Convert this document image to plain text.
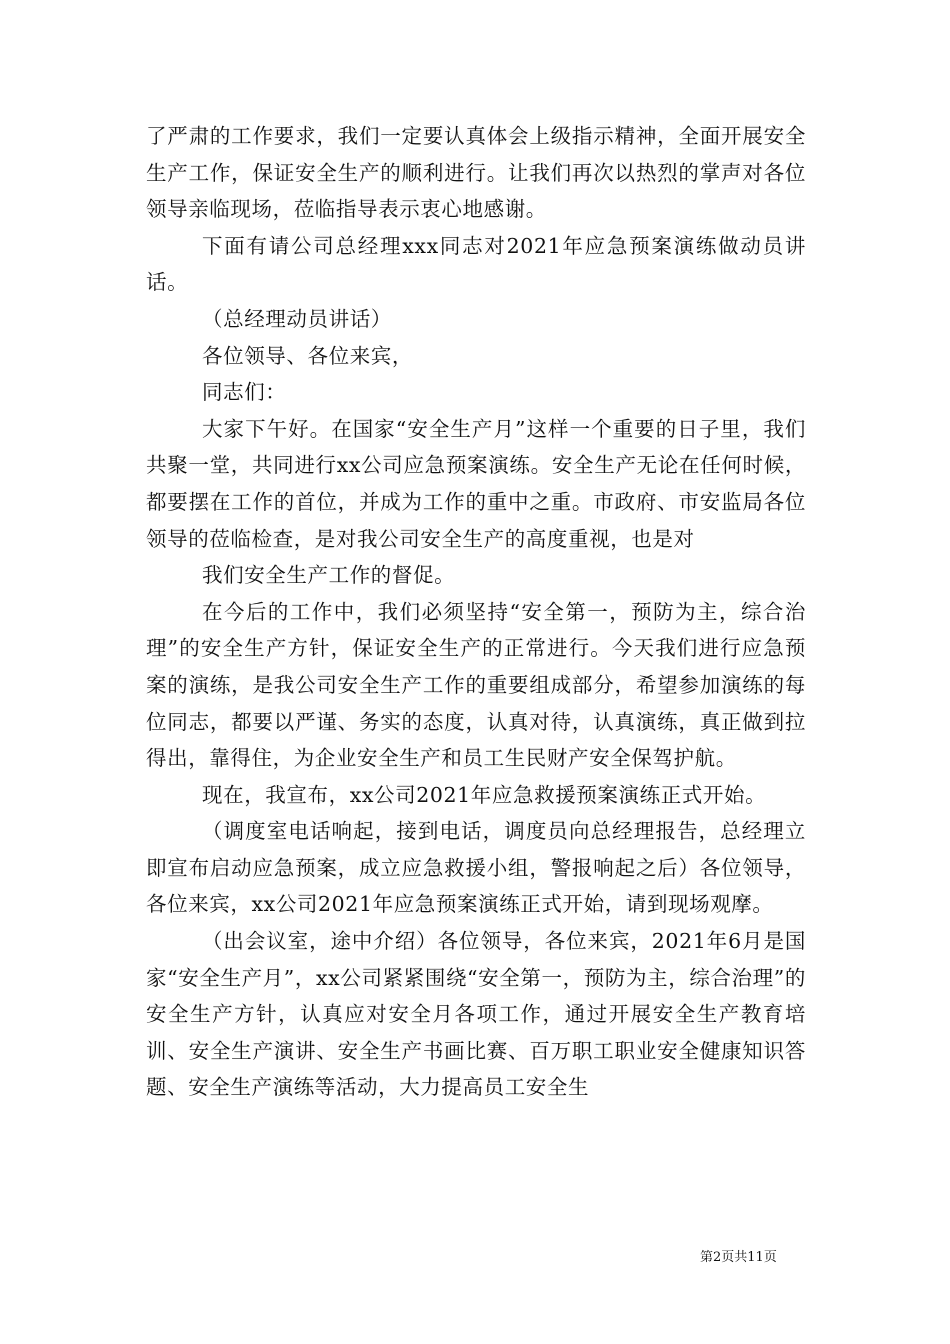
了严肃的工作要求，我们一定要认真体会上级指示精神，全面开展安全生产工作，保证安全生产的顺利进行。让我们再次以热烈的掌声对各位领导亲临现场，莅临指导表示衷心地感谢。

下面有请公司总经理xxx同志对2021年应急预案演练做动员讲话。

（总经理动员讲话）

各位领导、各位来宾，

同志们：

大家下午好。在国家“安全生产月”这样一个重要的日子里，我们共聚一堂，共同进行xx公司应急预案演练。安全生产无论在任何时候，都要摆在工作的首位，并成为工作的重中之重。市政府、市安监局各位领导的莅临检查，是对我公司安全生产的高度重视，也是对

我们安全生产工作的督促。

在今后的工作中，我们必须坚持“安全第一，预防为主，综合治理”的安全生产方针，保证安全生产的正常进行。今天我们进行应急预案的演练，是我公司安全生产工作的重要组成部分，希望参加演练的每位同志，都要以严谨、务实的态度，认真对待，认真演练，真正做到拉得出，靠得住，为企业安全生产和员工生民财产安全保驾护航。

现在，我宣布，xx公司2021年应急救援预案演练正式开始。

（调度室电话响起，接到电话，调度员向总经理报告，总经理立即宣布启动应急预案，成立应急救援小组，警报响起之后）各位领导，各位来宾，xx公司2021年应急预案演练正式开始，请到现场观摩。

（出会议室，途中介绍）各位领导，各位来宾，2021年6月是国家“安全生产月”，xx公司紧紧围绕“安全第一，预防为主，综合治理”的安全生产方针，认真应对安全月各项工作，通过开展安全生产教育培训、安全生产演讲、安全生产书画比赛、百万职工职业安全健康知识答题、安全生产演练等活动，大力提高员工安全生

第2页共11页
